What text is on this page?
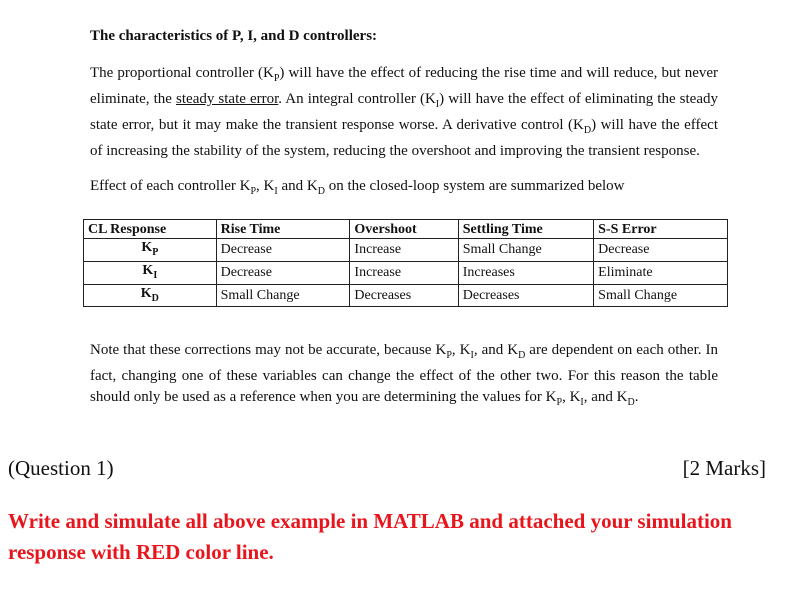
The characteristics of P, I, and D controllers:

The proportional controller $(K_P)$ will have the effect of reducing the rise time and will reduce, but never eliminate, the steady state error. An integral controller $(K_I)$ will have the effect of eliminating the steady state error, but it may make the transient response worse. A derivative control $(K_D)$ will have the effect of increasing the stability of the system, reducing the overshoot and improving the transient response.

Effect of each controller $K_P$, $K_I$ and $K_D$ on the closed-loop system are summarized below

CL Response	Rise Time	Overshoot	Settling Time	S-S Error
$K_P$	Decrease	Increase	Small Change	Decrease
$K_I$	Decrease	Increase	Increases	Eliminate
$K_D$	Small Change	Decreases	Decreases	Small Change

Note that these corrections may not be accurate, because $K_P$, $K_I$, and $K_D$ are dependent on each other. In fact, changing one of these variables can change the effect of the other two. For this reason the table should only be used as a reference when you are determining the values for $K_P$, $K_I$, and $K_D$.

(Question 1)	[2 Marks]
Write and simulate all above example in MATLAB and attached your simulation response with RED color line.
